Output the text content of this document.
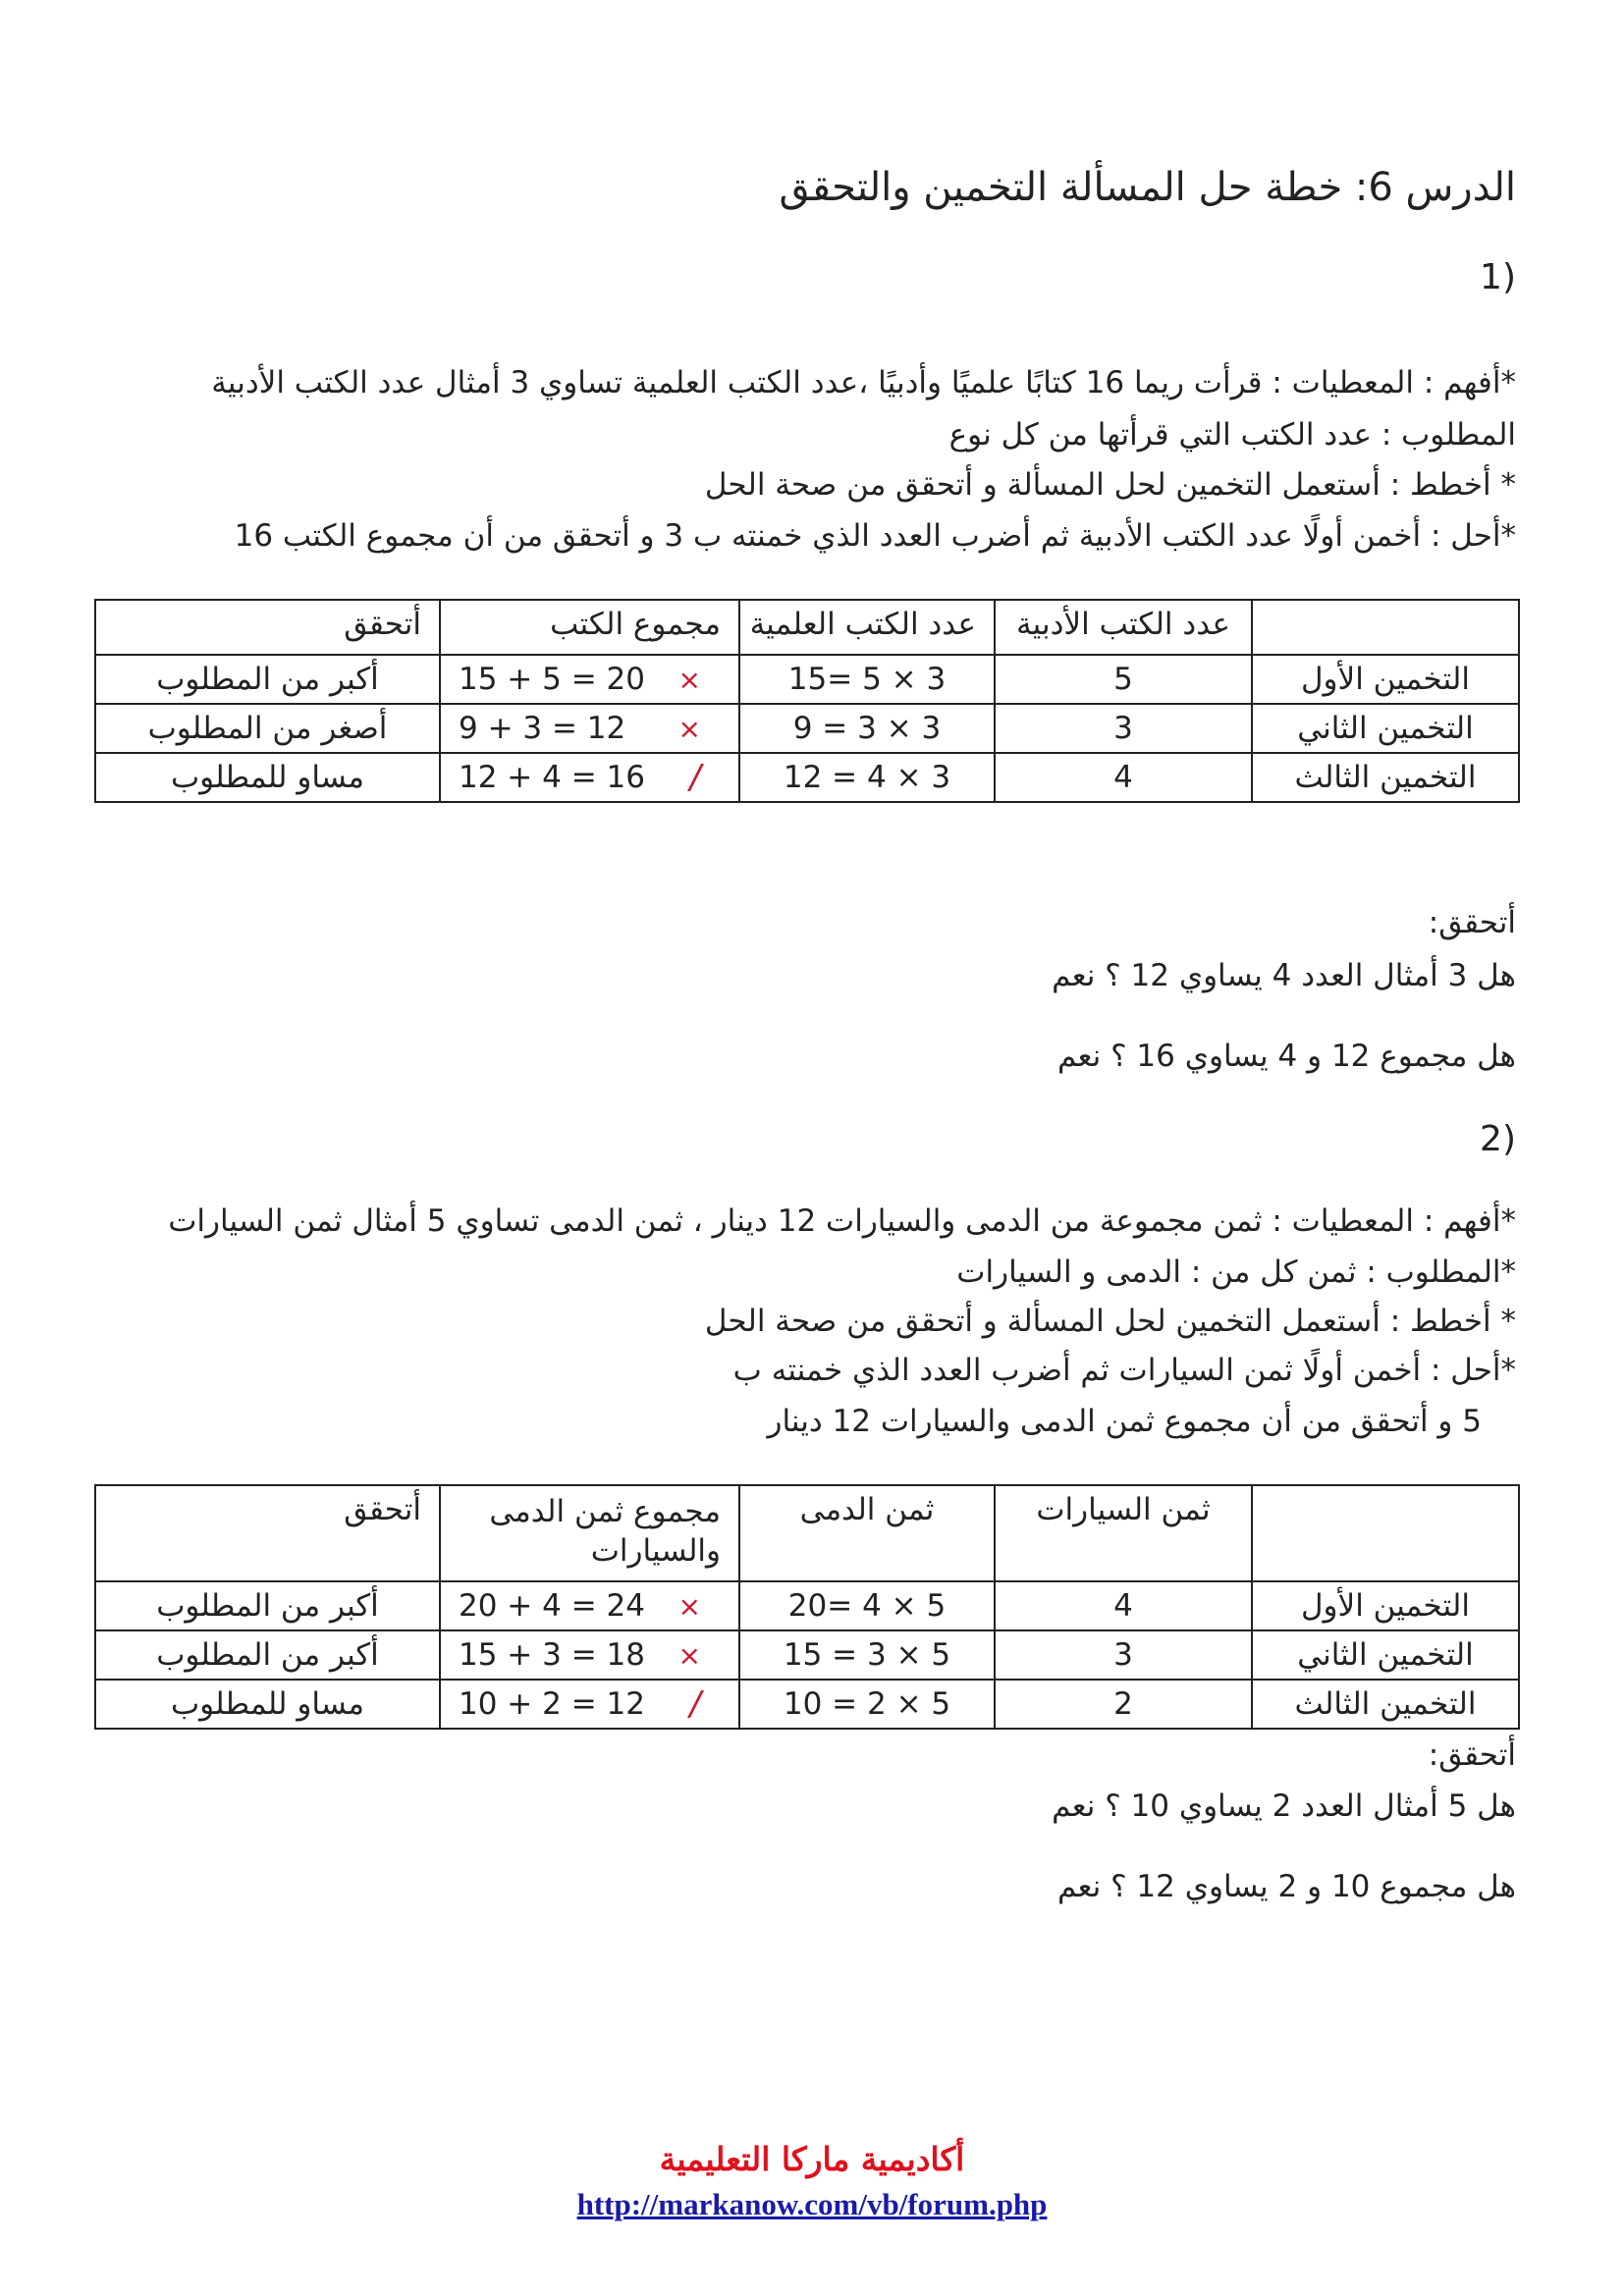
الدرس 6: خطة حل المسألة التخمين والتحقق
(1
*أفهم : المعطيات : قرأت ريما 16 كتابًا علميًا وأدبيًا ،عدد الكتب العلمية تساوي 3 أمثال عدد الكتب الأدبية
المطلوب : عدد الكتب التي قرأتها من كل نوع
* أخطط : أستعمل التخمين لحل المسألة و أتحقق من صحة الحل
*أحل : أخمن أولًا عدد الكتب الأدبية ثم أضرب العدد الذي خمنته ب 3 و أتحقق من أن مجموع الكتب 16
	عدد الكتب الأدبية	عدد الكتب العلمية	مجموع الكتب	أتحقق
التخمين الأول	5	3 × 5 =15	15 + 5 = 20 ×	أكبر من المطلوب
التخمين الثاني	3	3 × 3 = 9	9 + 3 = 12 ×	أصغر من المطلوب
التخمين الثالث	4	3 × 4 = 12	12 + 4 = 16 /	مساو للمطلوب
أتحقق:
هل 3 أمثال العدد 4 يساوي 12 ؟ نعم
هل مجموع 12 و 4 يساوي 16 ؟ نعم
(2
*أفهم : المعطيات : ثمن مجموعة من الدمى والسيارات 12 دينار ، ثمن الدمى تساوي 5 أمثال ثمن السيارات
*المطلوب : ثمن كل من : الدمى و السيارات
* أخطط : أستعمل التخمين لحل المسألة و أتحقق من صحة الحل
*أحل : أخمن أولًا ثمن السيارات ثم أضرب العدد الذي خمنته ب
5 و أتحقق من أن مجموع ثمن الدمى والسيارات 12 دينار
	ثمن السيارات	ثمن الدمى	مجموع ثمن الدمى والسيارات	أتحقق
التخمين الأول	4	5 × 4 =20	20 + 4 = 24 ×	أكبر من المطلوب
التخمين الثاني	3	5 × 3 = 15	15 + 3 = 18 ×	أكبر من المطلوب
التخمين الثالث	2	5 × 2 = 10	10 + 2 = 12 /	مساو للمطلوب
أتحقق:
هل 5 أمثال العدد 2 يساوي 10 ؟ نعم
هل مجموع 10 و 2 يساوي 12 ؟ نعم
أكاديمية ماركا التعليمية
http://markanow.com/vb/forum.php
